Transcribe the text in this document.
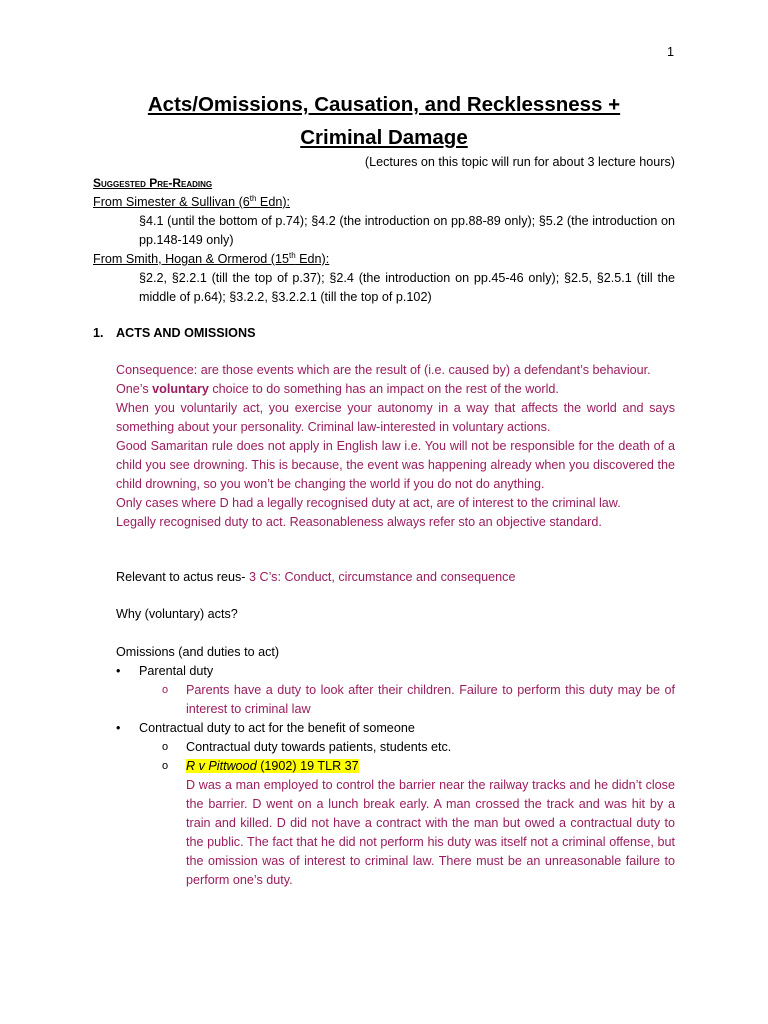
1
Acts/Omissions, Causation, and Recklessness +
Criminal Damage
(Lectures on this topic will run for about 3 lecture hours)
Suggested Pre-Reading
From Simester & Sullivan (6th Edn):
§4.1 (until the bottom of p.74); §4.2 (the introduction on pp.88-89 only); §5.2 (the introduction on pp.148-149 only)
From Smith, Hogan & Ormerod (15th Edn):
§2.2, §2.2.1 (till the top of p.37); §2.4 (the introduction on pp.45-46 only); §2.5, §2.5.1 (till the middle of p.64); §3.2.2, §3.2.2.1 (till the top of p.102)
1. ACTS AND OMISSIONS
Consequence: are those events which are the result of (i.e. caused by) a defendant’s behaviour.
One’s voluntary choice to do something has an impact on the rest of the world.
When you voluntarily act, you exercise your autonomy in a way that affects the world and says something about your personality. Criminal law-interested in voluntary actions.
Good Samaritan rule does not apply in English law i.e. You will not be responsible for the death of a child you see drowning. This is because, the event was happening already when you discovered the child drowning, so you won’t be changing the world if you do not do anything.
Only cases where D had a legally recognised duty at act, are of interest to the criminal law.
Legally recognised duty to act. Reasonableness always refer sto an objective standard.
Relevant to actus reus- 3 C’s: Conduct, circumstance and consequence
Why (voluntary) acts?
Omissions (and duties to act)
• Parental duty
o Parents have a duty to look after their children. Failure to perform this duty may be of interest to criminal law
• Contractual duty to act for the benefit of someone
o Contractual duty towards patients, students etc.
o R v Pittwood (1902) 19 TLR 37
D was a man employed to control the barrier near the railway tracks and he didn’t close the barrier. D went on a lunch break early. A man crossed the track and was hit by a train and killed. D did not have a contract with the man but owed a contractual duty to the public. The fact that he did not perform his duty was itself not a criminal offense, but the omission was of interest to criminal law. There must be an unreasonable failure to perform one’s duty.
